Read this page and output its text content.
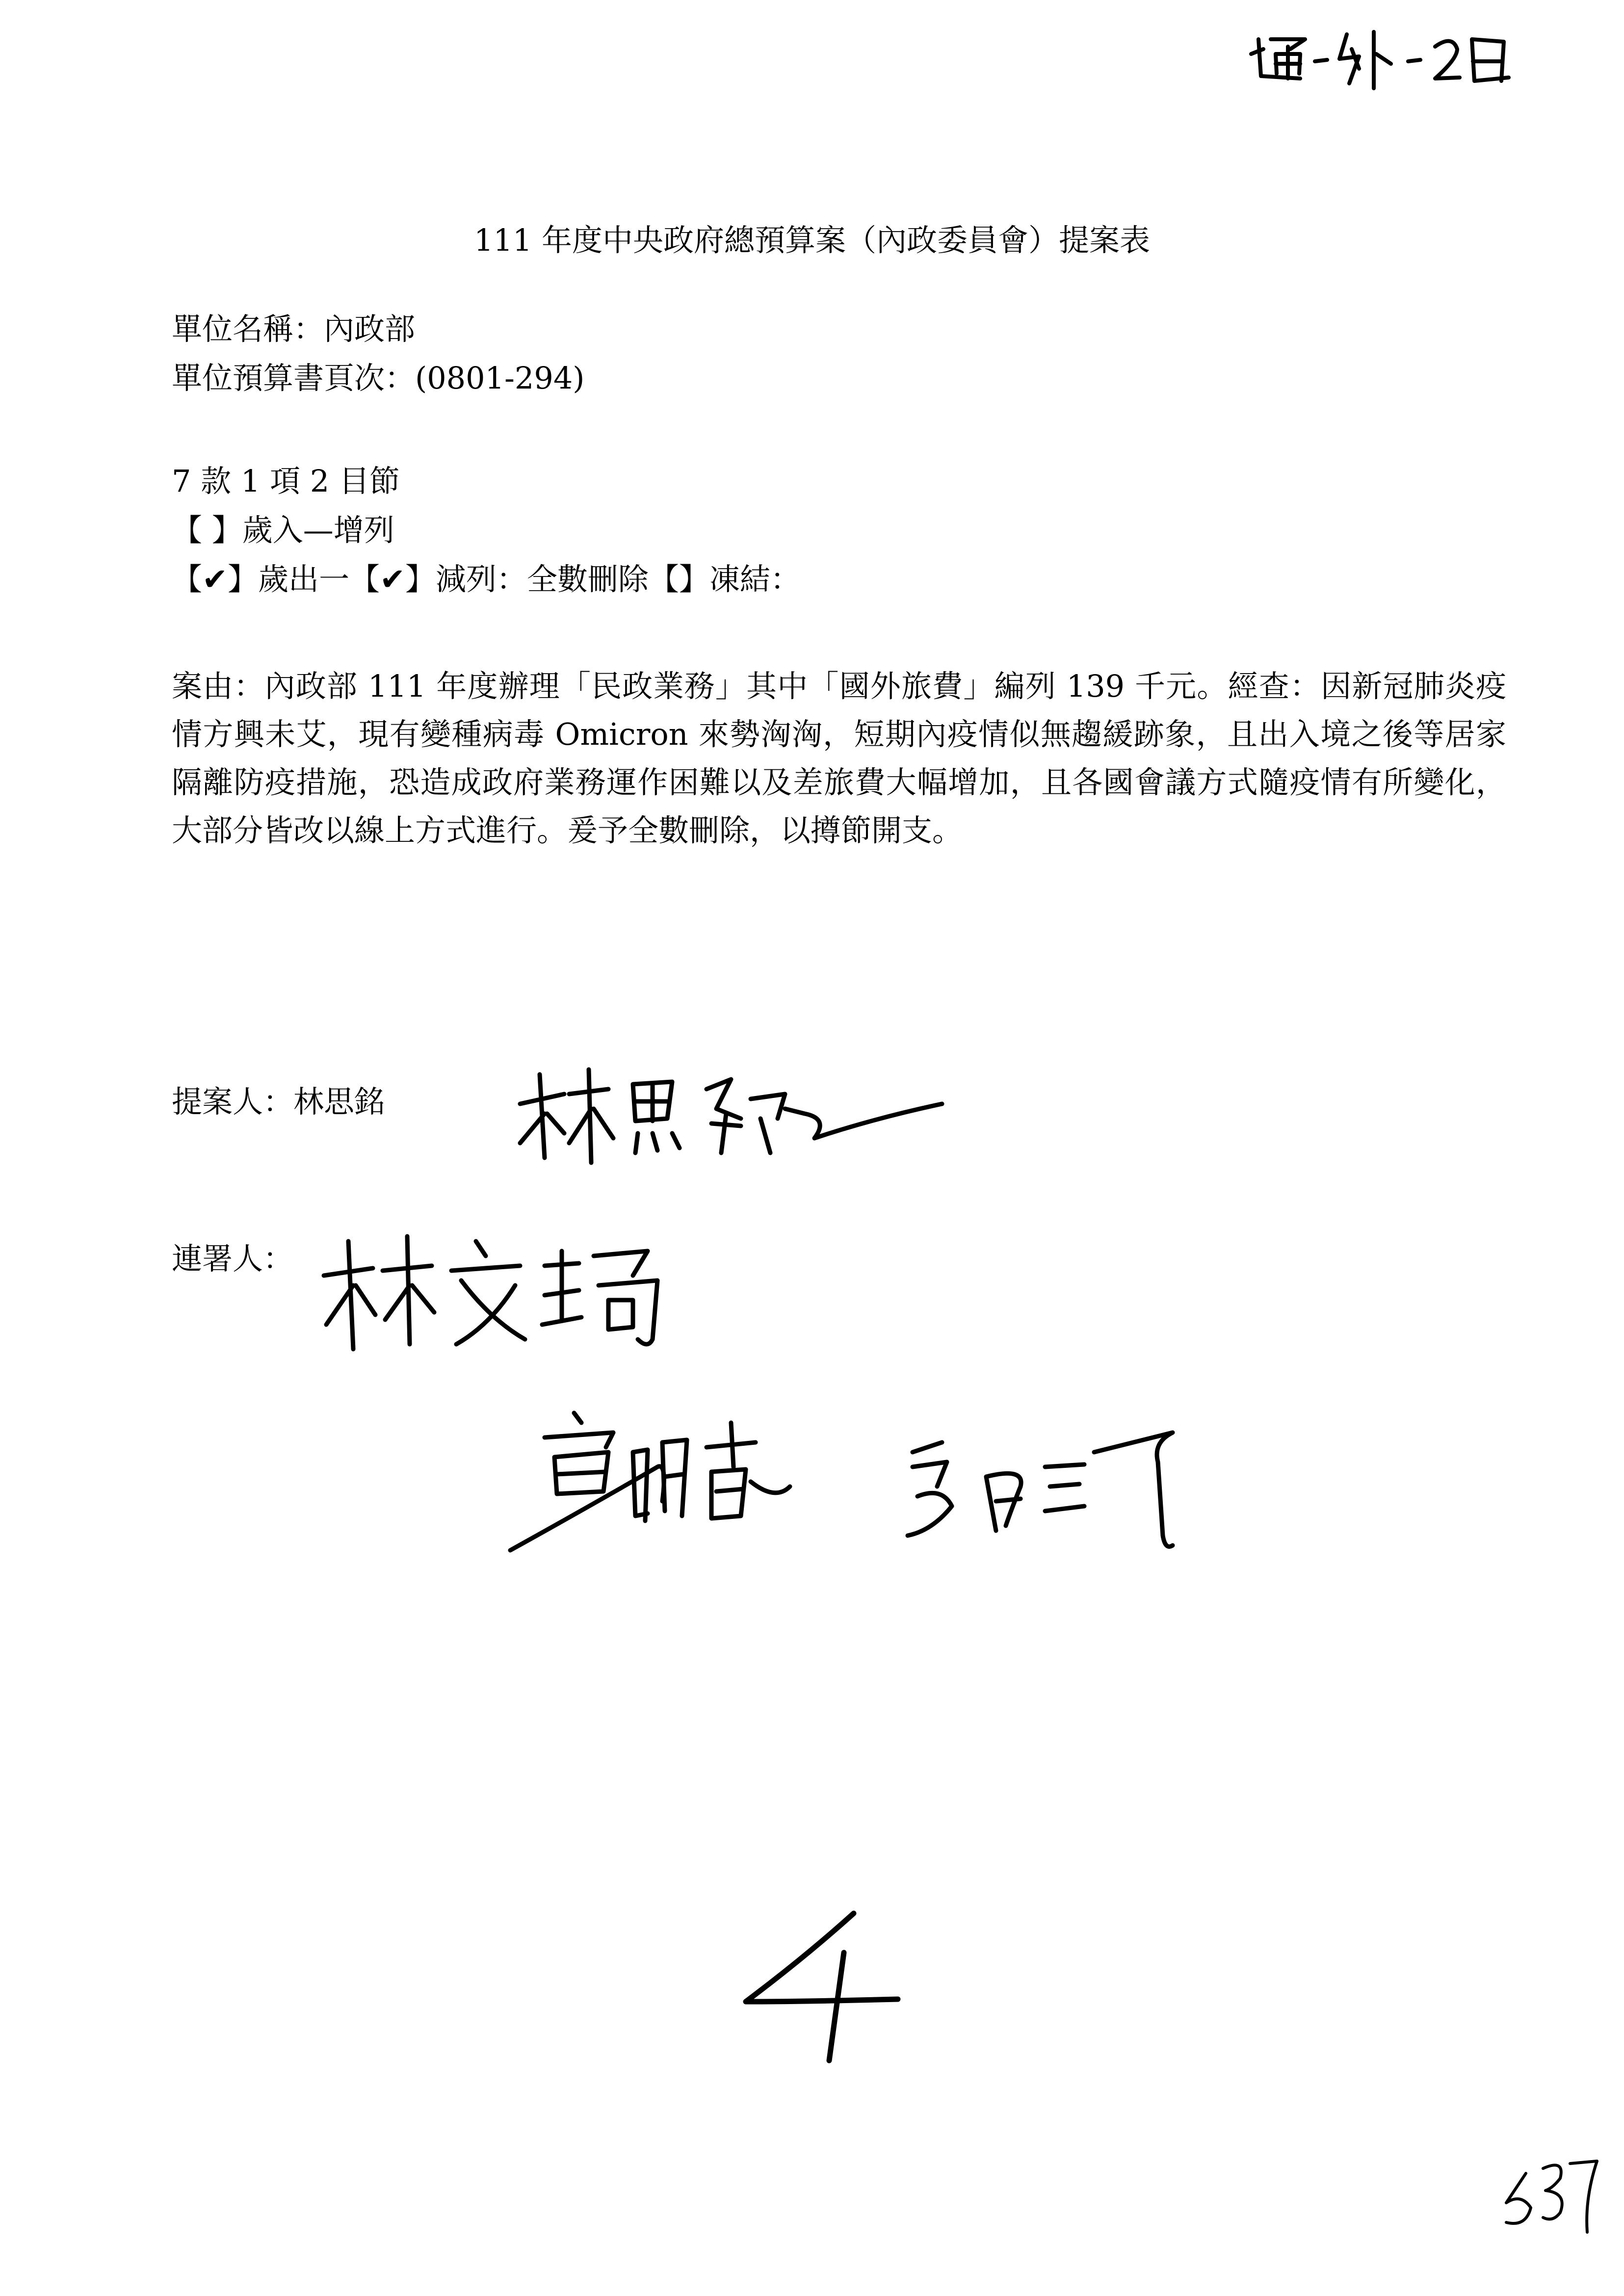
111 年度中央政府總預算案（內政委員會）提案表

單位名稱：內政部

單位預算書頁次：(0801-294)

7 款 1 項 2 目節

【 】歲入—增列

【✔】歲出一【✔】減列：全數刪除【】凍結：

案由：內政部 111 年度辦理「民政業務」其中「國外旅費」編列 139 千元。經查：因新冠肺炎疫情方興未艾，現有變種病毒 Omicron 來勢洶洶，短期內疫情似無趨緩跡象，且出入境之後等居家隔離防疫措施，恐造成政府業務運作困難以及差旅費大幅增加，且各國會議方式隨疫情有所變化，大部分皆改以線上方式進行。爰予全數刪除，以撙節開支。

提案人：林思銘

連署人：
